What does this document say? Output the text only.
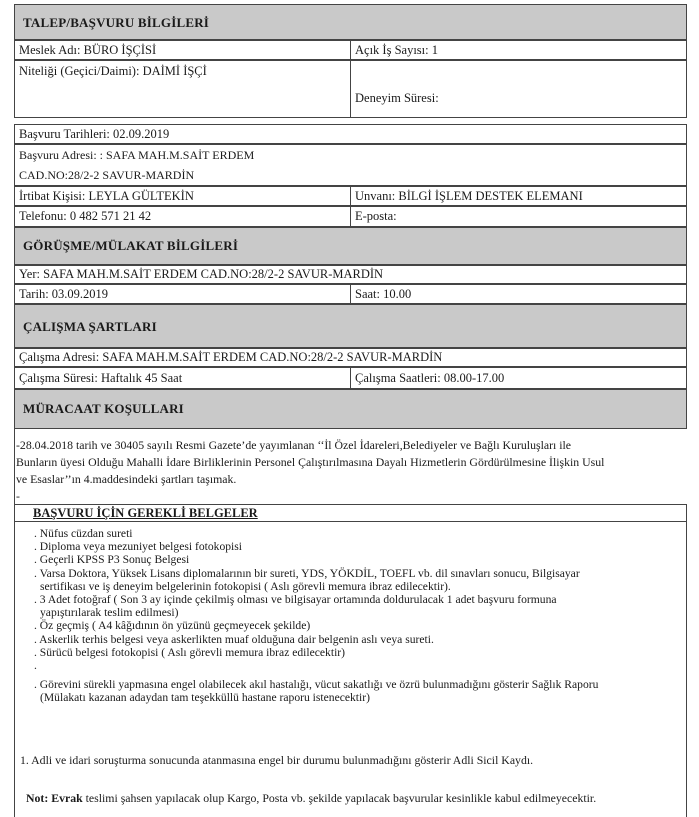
TALEP/BAŞVURU BİLGİLERİ
Meslek Adı: BÜRO İŞÇİSİ	Açık İş Sayısı: 1
Niteliği (Geçici/Daimi): DAİMİ İŞÇİ
Deneyim Süresi:
Başvuru Tarihleri: 02.09.2019
Başvuru Adresi: : SAFA MAH.M.SAİT ERDEM
CAD.NO:28/2-2 SAVUR-MARDİN
İrtibat Kişisi: LEYLA GÜLTEKİN	Unvanı: BİLGİ İŞLEM DESTEK ELEMANI
Telefonu: 0 482 571 21 42	E-posta:
GÖRÜŞME/MÜLAKAT BİLGİLERİ
Yer: SAFA MAH.M.SAİT ERDEM CAD.NO:28/2-2 SAVUR-MARDİN
Tarih: 03.09.2019	Saat: 10.00
ÇALIŞMA ŞARTLARI
Çalışma Adresi: SAFA MAH.M.SAİT ERDEM CAD.NO:28/2-2 SAVUR-MARDİN
Çalışma Süresi: Haftalık 45 Saat	Çalışma Saatleri: 08.00-17.00
MÜRACAAT KOŞULLARI
-28.04.2018 tarih ve 30405 sayılı Resmi Gazete’de yayımlanan ‘‘İl Özel İdareleri,Belediyeler ve Bağlı Kuruluşları ile
Bunların üyesi Olduğu Mahalli İdare Birliklerinin Personel Çalıştırılmasına Dayalı Hizmetlerin Gördürülmesine İlişkin Usul
ve Esaslar’’ın 4.maddesindeki şartları taşımak.
-
BAŞVURU İÇİN GEREKLİ BELGELER
. Nüfus cüzdan sureti
. Diploma veya mezuniyet belgesi fotokopisi
. Geçerli KPSS P3 Sonuç Belgesi
. Varsa Doktora, Yüksek Lisans diplomalarının bir sureti, YDS, YÖKDİL, TOEFL vb. dil sınavları sonucu, Bilgisayar
sertifikası ve iş deneyim belgelerinin fotokopisi ( Aslı görevli memura ibraz edilecektir).
. 3 Adet fotoğraf ( Son 3 ay içinde çekilmiş olması ve bilgisayar ortamında doldurulacak 1 adet başvuru formuna
yapıştırılarak teslim edilmesi)
. Öz geçmiş ( A4 kâğıdının ön yüzünü geçmeyecek şekilde)
. Askerlik terhis belgesi veya askerlikten muaf olduğuna dair belgenin aslı veya sureti.
. Sürücü belgesi fotokopisi ( Aslı görevli memura ibraz edilecektir)
.
. Görevini sürekli yapmasına engel olabilecek akıl hastalığı, vücut sakatlığı ve özrü bulunmadığını gösterir Sağlık Raporu
(Mülakatı kazanan adaydan tam teşekküllü hastane raporu istenecektir)
1. Adli ve idari soruşturma sonucunda atanmasına engel bir durumu bulunmadığını gösterir Adli Sicil Kaydı.
Not: Evrak teslimi şahsen yapılacak olup Kargo, Posta vb. şekilde yapılacak başvurular kesinlikle kabul edilmeyecektir.
